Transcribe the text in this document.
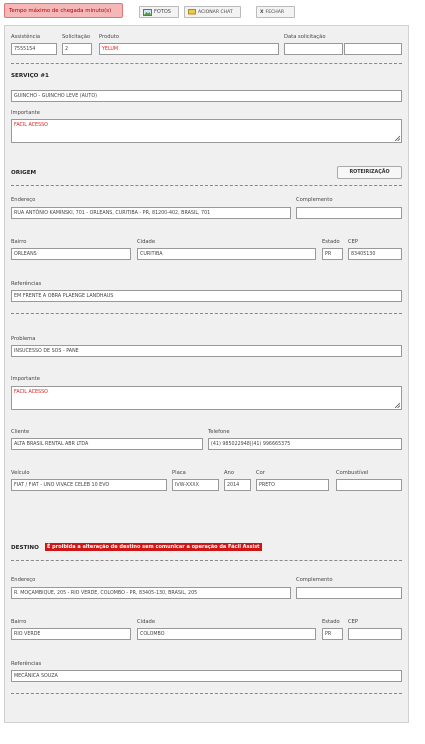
Tempo máximo de chegada minuto(s)	FOTOS	ACIONAR CHAT	X FECHAR
Assistência
7555154
Solicitação
2
Produto
YELUM
Data solicitação
SERVIÇO #1
GUINCHO - GUINCHO LEVE (AUTO)
Importante
FACIL ACESSO
ORIGEM	ROTEIRIZAÇÃO
Endereço
RUA ANTÔNIO KAMINSKI, 701 - ORLEANS, CURITIBA - PR, 81200-402, BRASIL, 701
Complemento
Bairro
ORLEANS
Cidade
CURITIBA
Estado
PR
CEP
83405130
Referências
EM FRENTE A OBRA PLAENGE LANDHAUS
Problema
INSUCESSO DE SOS - PANE
Importante
FACIL ACESSO
Cliente
ALTA BRASIL RENTAL ABR LTDA
Telefone
(41) 985022948|(41) 996665375
Veículo
FIAT / FIAT - UNO VIVACE CELEB 10 EVO
Placa
IVW-XXXX
Ano
2014
Cor
PRETO
Combustível
DESTINO	É proibida a alteração de destino sem comunicar a operação da Fácil Assist
Endereço
R. MOÇAMBIQUE, 205 - RIO VERDE, COLOMBO - PR, 83405-130, BRASIL, 205
Complemento
Bairro
RIO VERDE
Cidade
COLOMBO
Estado
PR
CEP
Referências
MECÂNICA SOUZA
